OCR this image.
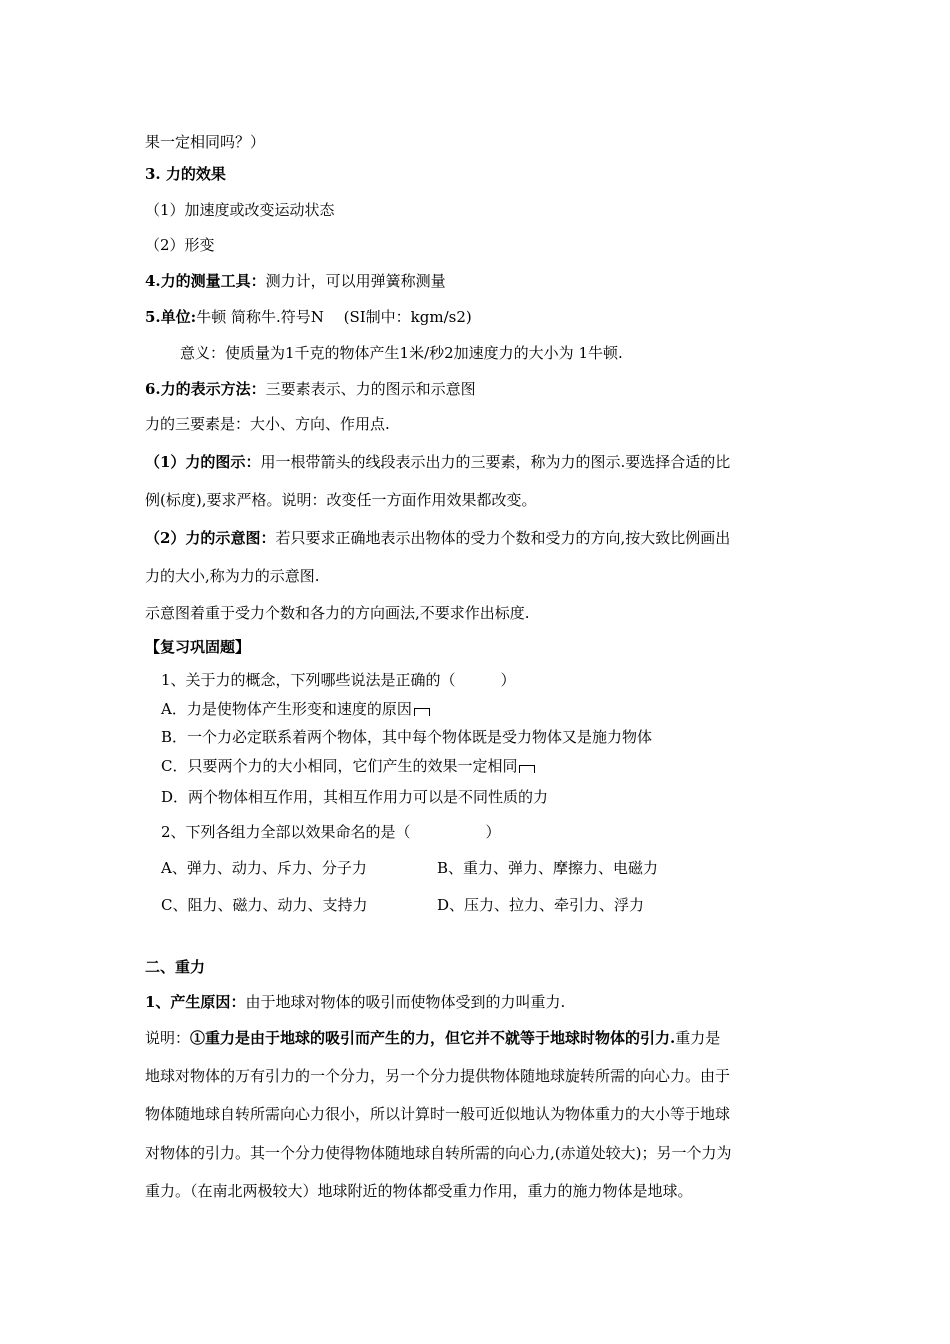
果一定相同吗？）
3. 力的效果
（1）加速度或改变运动状态
（2）形变
4.力的测量工具：测力计，可以用弹簧称测量
5.单位:牛顿 简称牛.符号N　 (SI制中：kgm/s2)
意义：使质量为1千克的物体产生1米/秒2加速度力的大小为 1牛顿.
6.力的表示方法：三要素表示、力的图示和示意图
力的三要素是：大小、方向、作用点.
（1）力的图示：用一根带箭头的线段表示出力的三要素，称为力的图示.要选择合适的比
例(标度),要求严格。说明：改变任一方面作用效果都改变。
（2）力的示意图：若只要求正确地表示出物体的受力个数和受力的方向,按大致比例画出
力的大小,称为力的示意图.
示意图着重于受力个数和各力的方向画法,不要求作出标度.
【复习巩固题】
1、关于力的概念，下列哪些说法是正确的（　　　）
A．力是使物体产生形变和速度的原因
B．一个力必定联系着两个物体，其中每个物体既是受力物体又是施力物体
C．只要两个力的大小相同，它们产生的效果一定相同
D．两个物体相互作用，其相互作用力可以是不同性质的力
2、下列各组力全部以效果命名的是（　　　　　）
A、弹力、动力、斥力、分子力	B、重力、弹力、摩擦力、电磁力
C、阻力、磁力、动力、支持力	D、压力、拉力、牵引力、浮力
二、重力
1、产生原因：由于地球对物体的吸引而使物体受到的力叫重力.
说明：①重力是由于地球的吸引而产生的力，但它并不就等于地球时物体的引力.重力是
地球对物体的万有引力的一个分力，另一个分力提供物体随地球旋转所需的向心力。由于
物体随地球自转所需向心力很小，所以计算时一般可近似地认为物体重力的大小等于地球
对物体的引力。其一个分力使得物体随地球自转所需的向心力,(赤道处较大)；另一个力为
重力。（在南北两极较大）地球附近的物体都受重力作用，重力的施力物体是地球。
